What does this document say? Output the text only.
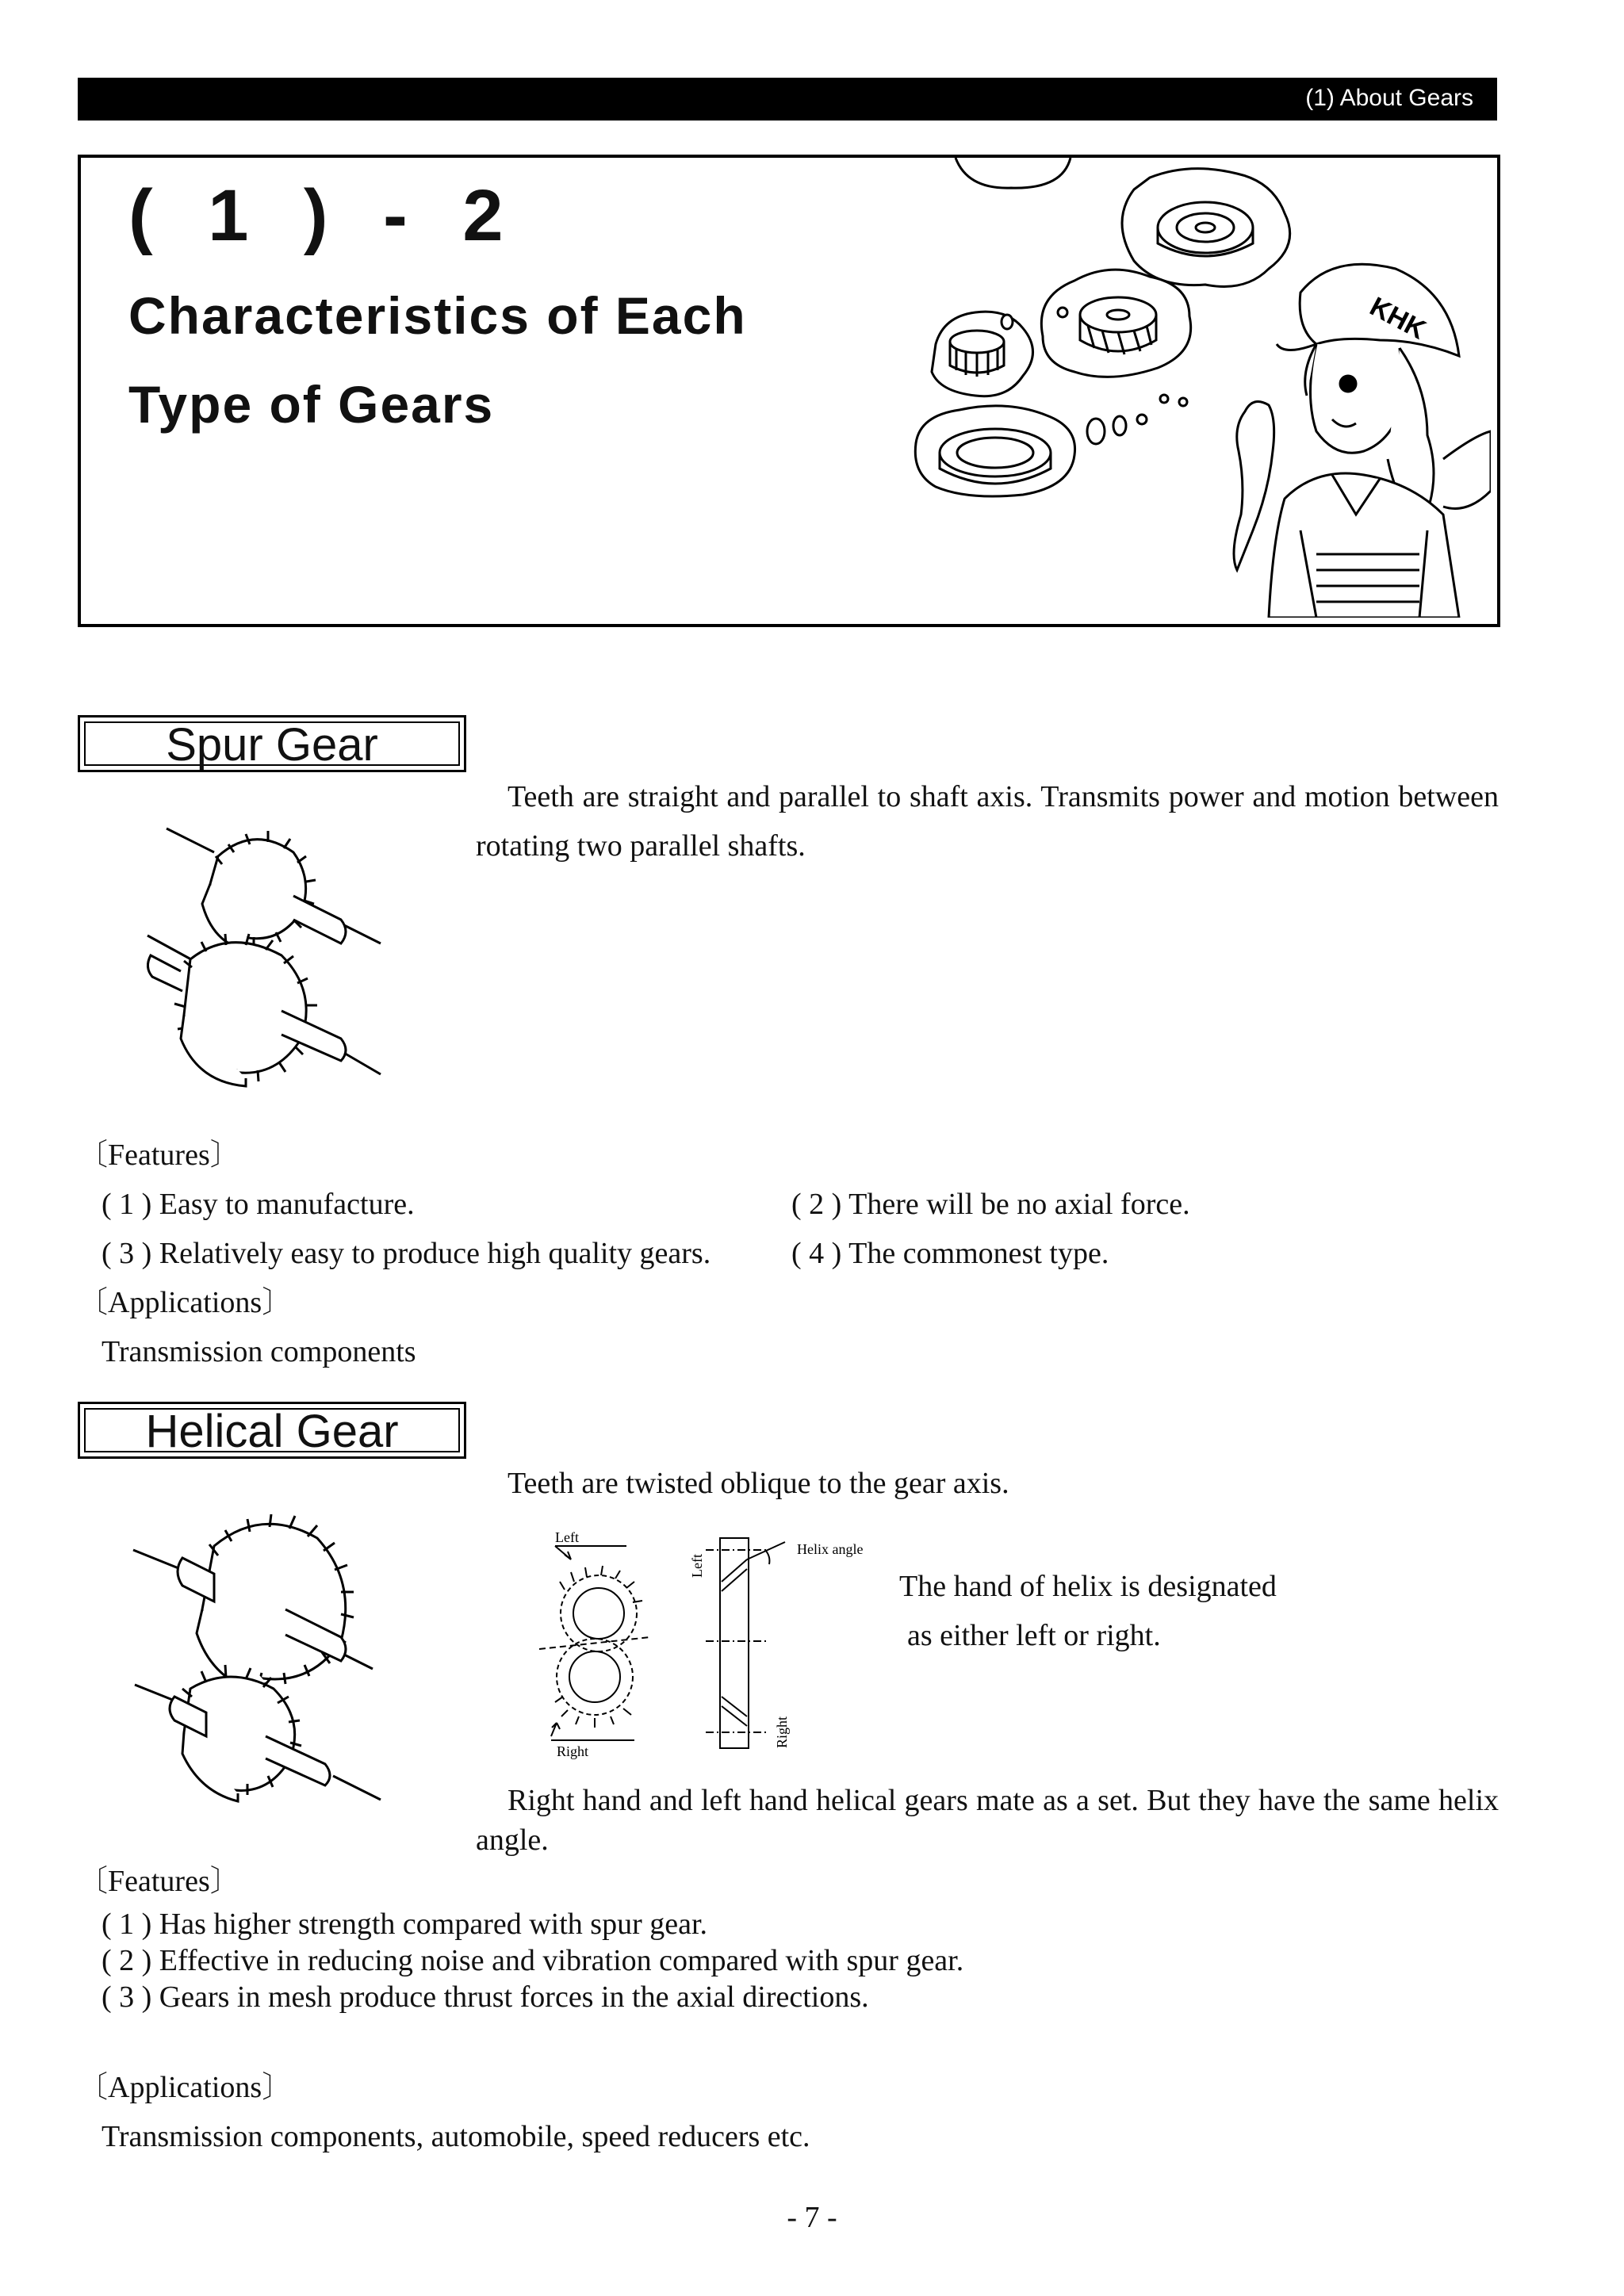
(1) About Gears
( 1 ) - 2
Characteristics of Each
Type of Gears
KHK
Spur Gear
Teeth are straight and parallel to shaft axis. Transmits power and motion between rotating two parallel shafts.
〔Features〕
( 1 ) Easy to manufacture.	( 2 ) There will be no axial force.
( 3 ) Relatively easy to produce high quality gears.	( 4 ) The commonest type.
〔Applications〕
Transmission components
Helical Gear
Teeth are twisted oblique to the gear axis.
Left
Right
Left
Right
Helix angle
The hand of helix is designated
as either left or right.
Right hand and left hand helical gears mate as a set. But they have the same helix angle.
〔Features〕
( 1 ) Has higher strength compared with spur gear.
( 2 ) Effective in reducing noise and vibration compared with spur gear.
( 3 ) Gears in mesh produce thrust forces in the axial directions.
〔Applications〕
Transmission components, automobile, speed reducers etc.
- 7 -
